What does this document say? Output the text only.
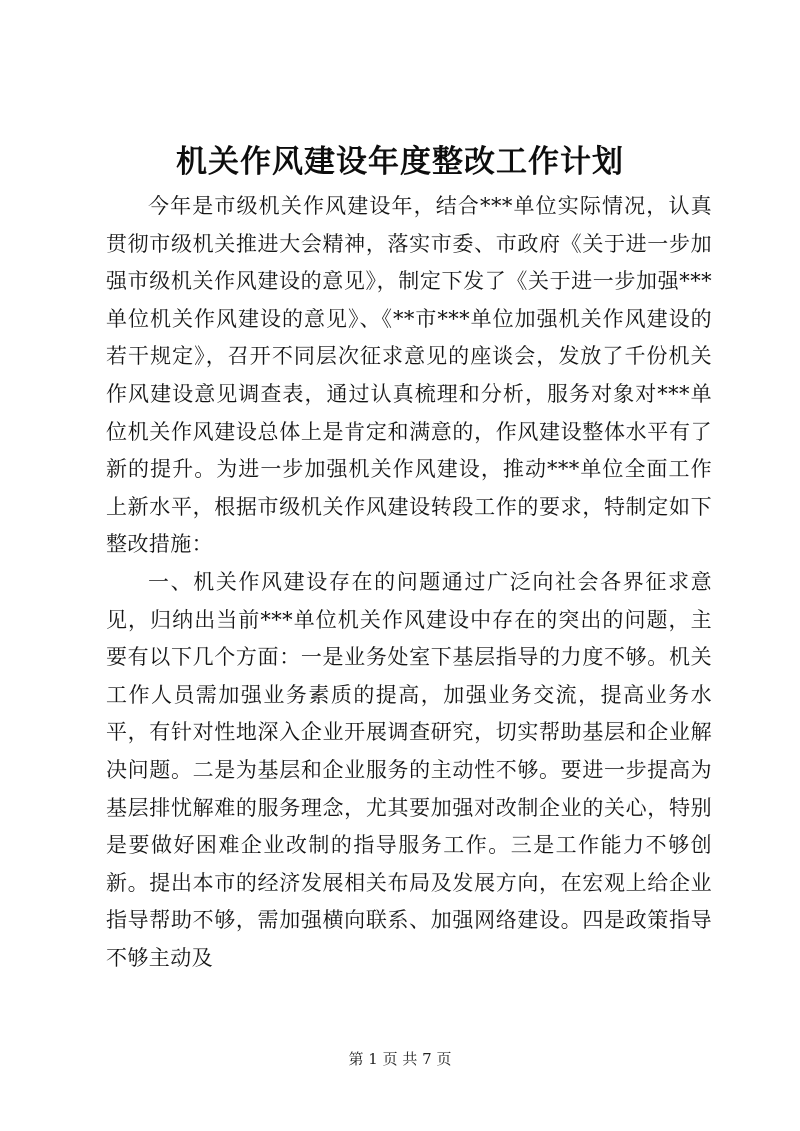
机关作风建设年度整改工作计划

今年是市级机关作风建设年，结合***单位实际情况，认真贯彻市级机关推进大会精神，落实市委、市政府《关于进一步加强市级机关作风建设的意见》，制定下发了《关于进一步加强***单位机关作风建设的意见》、《**市***单位加强机关作风建设的若干规定》，召开不同层次征求意见的座谈会，发放了千份机关作风建设意见调查表，通过认真梳理和分析，服务对象对***单位机关作风建设总体上是肯定和满意的，作风建设整体水平有了新的提升。为进一步加强机关作风建设，推动***单位全面工作上新水平，根据市级机关作风建设转段工作的要求，特制定如下整改措施：

一、机关作风建设存在的问题通过广泛向社会各界征求意见，归纳出当前***单位机关作风建设中存在的突出的问题，主要有以下几个方面：一是业务处室下基层指导的力度不够。机关工作人员需加强业务素质的提高，加强业务交流，提高业务水平，有针对性地深入企业开展调查研究，切实帮助基层和企业解决问题。二是为基层和企业服务的主动性不够。要进一步提高为基层排忧解难的服务理念，尤其要加强对改制企业的关心，特别是要做好困难企业改制的指导服务工作。三是工作能力不够创新。提出本市的经济发展相关布局及发展方向，在宏观上给企业指导帮助不够，需加强横向联系、加强网络建设。四是政策指导不够主动及

第 1 页 共 7 页
